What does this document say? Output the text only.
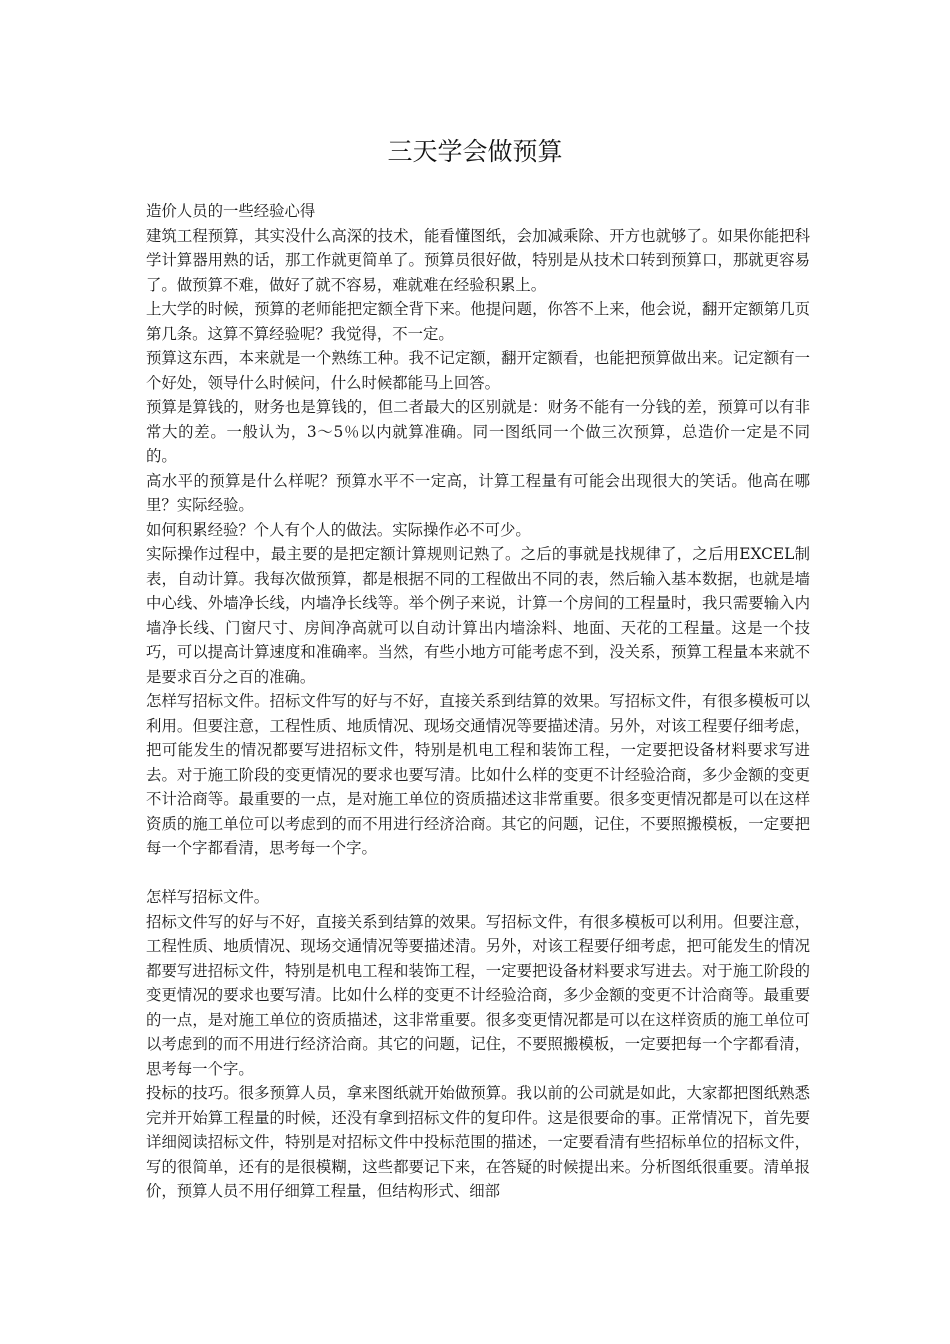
三天学会做预算

造价人员的一些经验心得

建筑工程预算，其实没什么高深的技术，能看懂图纸，会加减乘除、开方也就够了。如果你能把科学计算器用熟的话，那工作就更简单了。预算员很好做，特别是从技术口转到预算口，那就更容易了。做预算不难，做好了就不容易，难就难在经验积累上。

上大学的时候，预算的老师能把定额全背下来。他提问题，你答不上来，他会说，翻开定额第几页第几条。这算不算经验呢？我觉得，不一定。

预算这东西，本来就是一个熟练工种。我不记定额，翻开定额看，也能把预算做出来。记定额有一个好处，领导什么时候问，什么时候都能马上回答。

预算是算钱的，财务也是算钱的，但二者最大的区别就是：财务不能有一分钱的差，预算可以有非常大的差。一般认为，3～5％以内就算准确。同一图纸同一个做三次预算，总造价一定是不同的。

高水平的预算是什么样呢？预算水平不一定高，计算工程量有可能会出现很大的笑话。他高在哪里？实际经验。

如何积累经验？个人有个人的做法。实际操作必不可少。

实际操作过程中，最主要的是把定额计算规则记熟了。之后的事就是找规律了，之后用EXCEL制表，自动计算。我每次做预算，都是根据不同的工程做出不同的表，然后输入基本数据，也就是墙中心线、外墙净长线，内墙净长线等。举个例子来说，计算一个房间的工程量时，我只需要输入内墙净长线、门窗尺寸、房间净高就可以自动计算出内墙涂料、地面、天花的工程量。这是一个技巧，可以提高计算速度和准确率。当然，有些小地方可能考虑不到，没关系，预算工程量本来就不是要求百分之百的准确。

怎样写招标文件。招标文件写的好与不好，直接关系到结算的效果。写招标文件，有很多模板可以利用。但要注意，工程性质、地质情况、现场交通情况等要描述清。另外，对该工程要仔细考虑，把可能发生的情况都要写进招标文件，特别是机电工程和装饰工程，一定要把设备材料要求写进去。对于施工阶段的变更情况的要求也要写清。比如什么样的变更不计经验洽商，多少金额的变更不计洽商等。最重要的一点，是对施工单位的资质描述这非常重要。很多变更情况都是可以在这样资质的施工单位可以考虑到的而不用进行经济洽商。其它的问题，记住，不要照搬模板，一定要把每一个字都看清，思考每一个字。

怎样写招标文件。

招标文件写的好与不好，直接关系到结算的效果。写招标文件，有很多模板可以利用。但要注意，工程性质、地质情况、现场交通情况等要描述清。另外，对该工程要仔细考虑，把可能发生的情况都要写进招标文件，特别是机电工程和装饰工程，一定要把设备材料要求写进去。对于施工阶段的变更情况的要求也要写清。比如什么样的变更不计经验洽商，多少金额的变更不计洽商等。最重要的一点，是对施工单位的资质描述，这非常重要。很多变更情况都是可以在这样资质的施工单位可以考虑到的而不用进行经济洽商。其它的问题，记住，不要照搬模板，一定要把每一个字都看清，思考每一个字。

投标的技巧。很多预算人员，拿来图纸就开始做预算。我以前的公司就是如此，大家都把图纸熟悉完并开始算工程量的时候，还没有拿到招标文件的复印件。这是很要命的事。正常情况下，首先要详细阅读招标文件，特别是对招标文件中投标范围的描述，一定要看清有些招标单位的招标文件，写的很简单，还有的是很模糊，这些都要记下来，在答疑的时候提出来。分析图纸很重要。清单报价，预算人员不用仔细算工程量，但结构形式、细部
